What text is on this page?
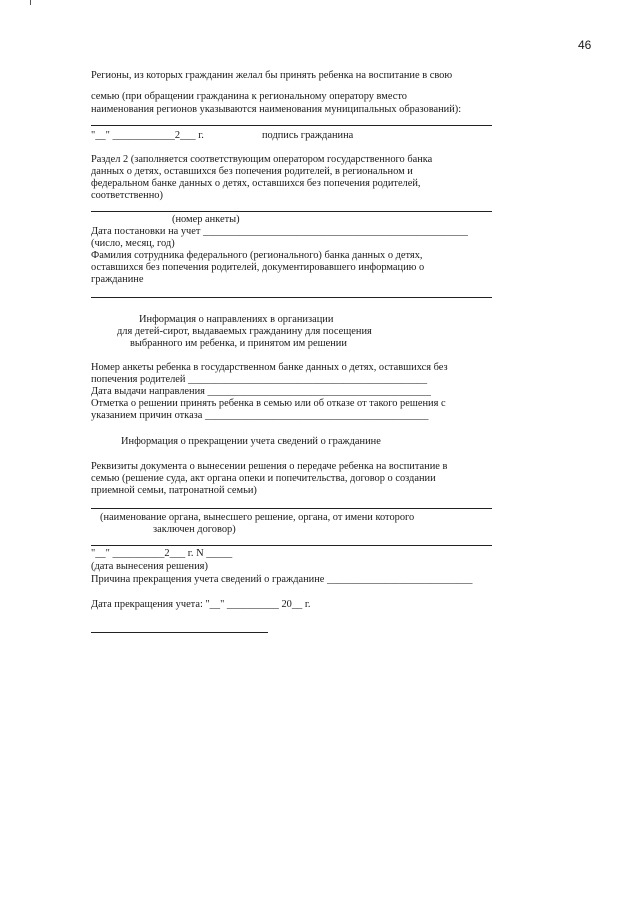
46
Регионы, из которых гражданин желал бы принять ребенка на воспитание в свою
семью (при обращении гражданина к региональному оператору вместо
наименования регионов указываются наименования муниципальных образований):
"__" ____________2___ г.	подпись гражданина
Раздел 2 (заполняется соответствующим оператором государственного банка
данных о детях, оставшихся без попечения родителей, в региональном и
федеральном банке данных о детях, оставшихся без попечения родителей,
соответственно)
(номер анкеты)
Дата постановки на учет ___________________________________________________
(число, месяц, год)
Фамилия сотрудника федерального (регионального) банка данных о детях,
оставшихся без попечения родителей, документировавшего информацию о
гражданине
Информация о направлениях в организации
для детей-сирот, выдаваемых гражданину для посещения
выбранного им ребенка, и принятом им решении
Номер анкеты ребенка в государственном банке данных о детях, оставшихся без
попечения родителей ______________________________________________
Дата выдачи направления ___________________________________________
Отметка о решении принять ребенка в семью или об отказе от такого решения с
указанием причин отказа ___________________________________________
Информация о прекращении учета сведений о гражданине
Реквизиты документа о вынесении решения о передаче ребенка на воспитание в
семью (решение суда, акт органа опеки и попечительства, договор о создании
приемной семьи, патронатной семьи)
(наименование органа, вынесшего решение, органа, от имени которого
заключен договор)
"__" __________2___ г. N _____
(дата вынесения решения)
Причина прекращения учета сведений о гражданине ____________________________
Дата прекращения учета: "__" __________ 20__ г.
